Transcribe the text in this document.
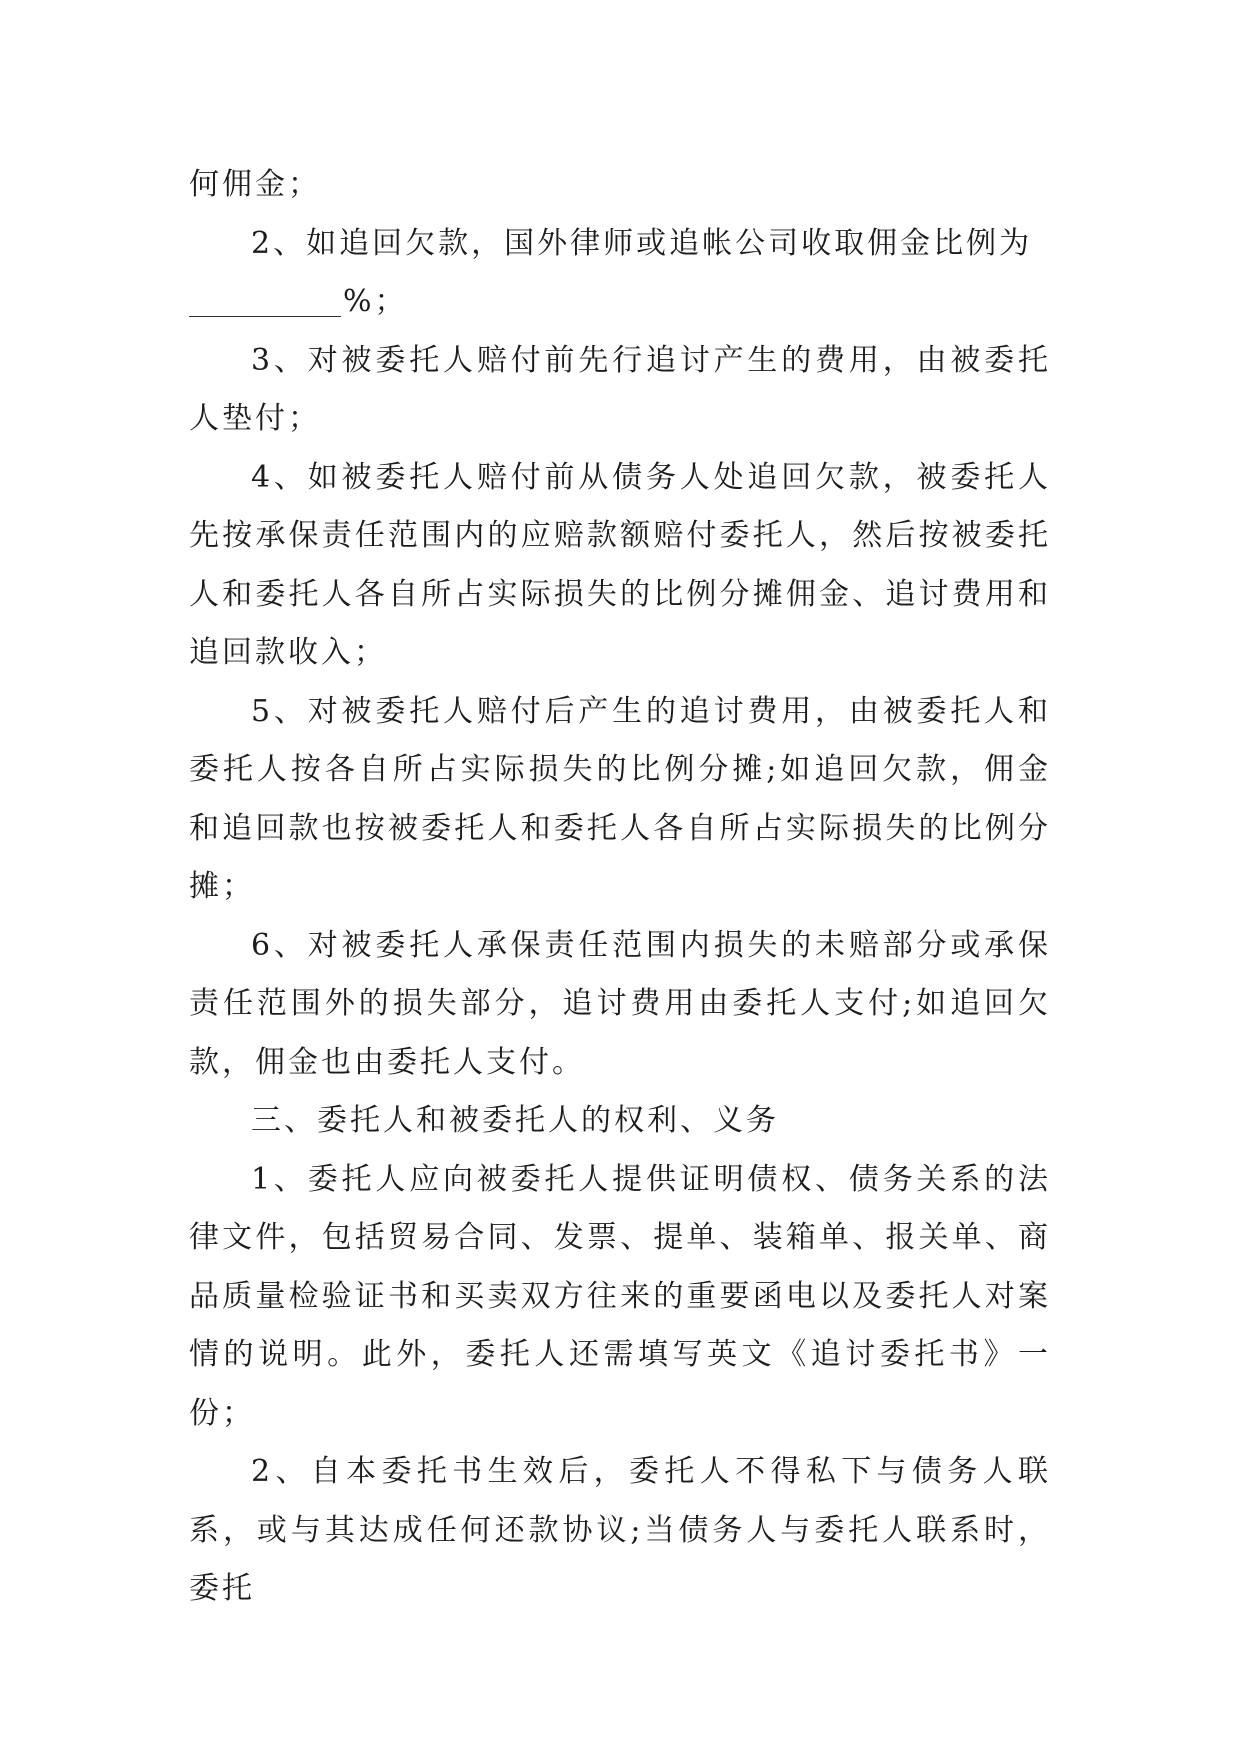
何佣金；

2、如追回欠款，国外律师或追帐公司收取佣金比例为

%；

3、对被委托人赔付前先行追讨产生的费用，由被委托人垫付；

4、如被委托人赔付前从债务人处追回欠款，被委托人先按承保责任范围内的应赔款额赔付委托人，然后按被委托人和委托人各自所占实际损失的比例分摊佣金、追讨费用和追回款收入；

5、对被委托人赔付后产生的追讨费用，由被委托人和委托人按各自所占实际损失的比例分摊;如追回欠款，佣金和追回款也按被委托人和委托人各自所占实际损失的比例分摊；

6、对被委托人承保责任范围内损失的未赔部分或承保责任范围外的损失部分，追讨费用由委托人支付;如追回欠款，佣金也由委托人支付。

三、委托人和被委托人的权利、义务

1、委托人应向被委托人提供证明债权、债务关系的法律文件，包括贸易合同、发票、提单、装箱单、报关单、商品质量检验证书和买卖双方往来的重要函电以及委托人对案情的说明。此外，委托人还需填写英文《追讨委托书》一份；

2、自本委托书生效后，委托人不得私下与债务人联系，或与其达成任何还款协议;当债务人与委托人联系时，委托
